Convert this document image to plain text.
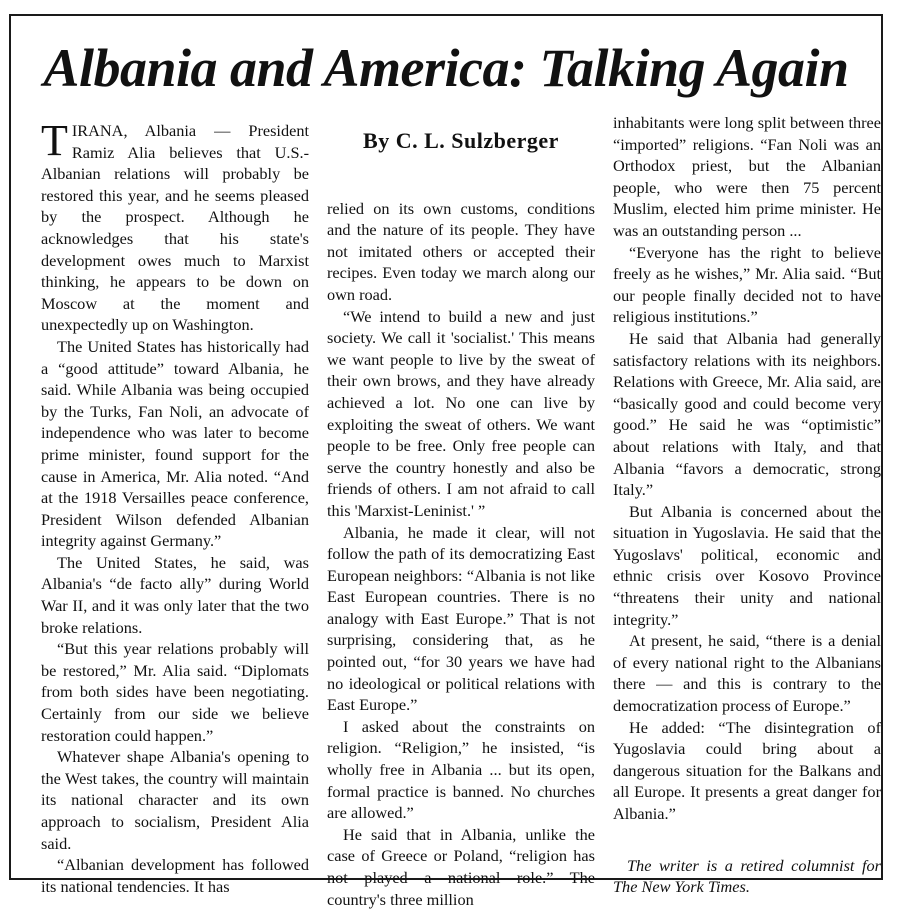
Albania and America: Talking Again

TIRANA, Albania — President Ramiz Alia believes that U.S.-Albanian relations will probably be restored this year, and he seems pleased by the prospect. Although he acknowledges that his state's development owes much to Marxist thinking, he appears to be down on Moscow at the moment and unexpectedly up on Washington.

The United States has historically had a “good attitude” toward Albania, he said. While Albania was being occupied by the Turks, Fan Noli, an advocate of independence who was later to become prime minister, found support for the cause in America, Mr. Alia noted. “And at the 1918 Versailles peace conference, President Wilson defended Albanian integrity against Germany.”

The United States, he said, was Albania's “de facto ally” during World War II, and it was only later that the two broke relations.

“But this year relations probably will be restored,” Mr. Alia said. “Diplomats from both sides have been negotiating. Certainly from our side we believe restoration could happen.”

Whatever shape Albania's opening to the West takes, the country will maintain its national character and its own approach to socialism, President Alia said.

“Albanian development has followed its national tendencies. It has

By C. L. Sulzberger

relied on its own customs, conditions and the nature of its people. They have not imitated others or accepted their recipes. Even today we march along our own road.

“We intend to build a new and just society. We call it 'socialist.' This means we want people to live by the sweat of their own brows, and they have already achieved a lot. No one can live by exploiting the sweat of others. We want people to be free. Only free people can serve the country honestly and also be friends of others. I am not afraid to call this 'Marxist-Leninist.' ”

Albania, he made it clear, will not follow the path of its democratizing East European neighbors: “Albania is not like East European countries. There is no analogy with East Europe.” That is not surprising, considering that, as he pointed out, “for 30 years we have had no ideological or political relations with East Europe.”

I asked about the constraints on religion. “Religion,” he insisted, “is wholly free in Albania ... but its open, formal practice is banned. No churches are allowed.”

He said that in Albania, unlike the case of Greece or Poland, “religion has not played a national role.” The country's three million

inhabitants were long split between three “imported” religions. “Fan Noli was an Orthodox priest, but the Albanian people, who were then 75 percent Muslim, elected him prime minister. He was an outstanding person ...

“Everyone has the right to believe freely as he wishes,” Mr. Alia said. “But our people finally decided not to have religious institutions.”

He said that Albania had generally satisfactory relations with its neighbors. Relations with Greece, Mr. Alia said, are “basically good and could become very good.” He said he was “optimistic” about relations with Italy, and that Albania “favors a democratic, strong Italy.”

But Albania is concerned about the situation in Yugoslavia. He said that the Yugoslavs' political, economic and ethnic crisis over Kosovo Province “threatens their unity and national integrity.”

At present, he said, “there is a denial of every national right to the Albanians there — and this is contrary to the democratization process of Europe.”

He added: “The disintegration of Yugoslavia could bring about a dangerous situation for the Balkans and all Europe. It presents a great danger for Albania.”

The writer is a retired columnist for The New York Times.
